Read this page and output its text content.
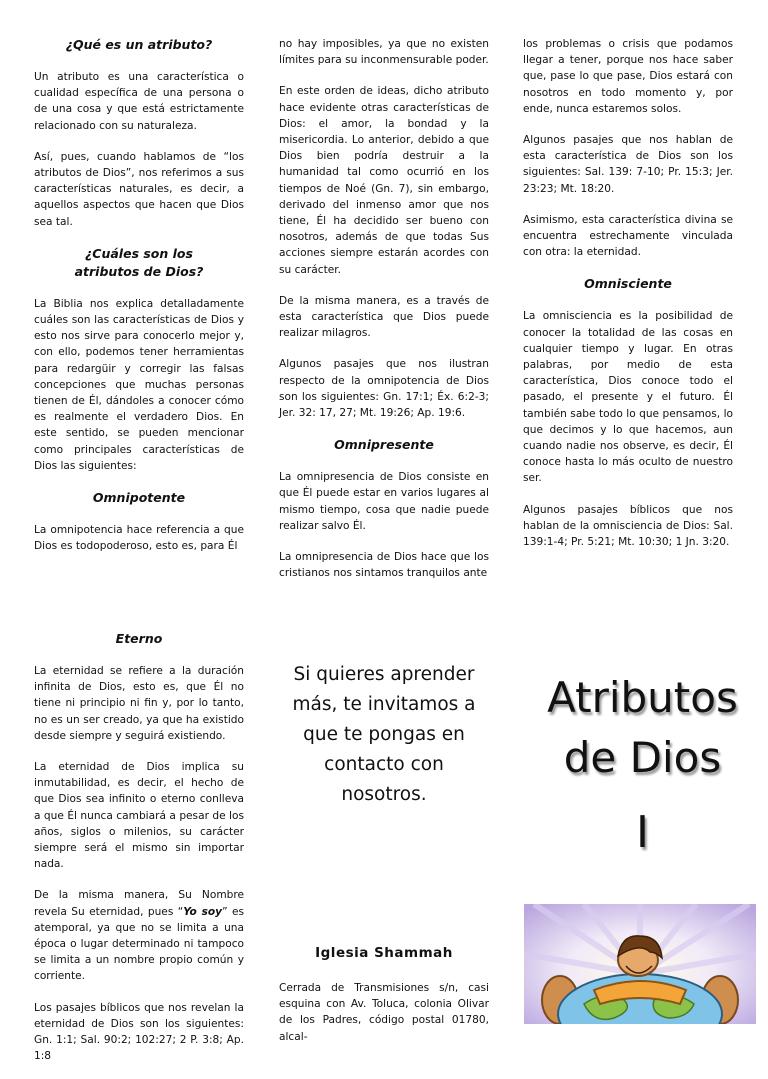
¿Qué es un atributo?

Un atributo es una característica o cualidad específica de una persona o de una cosa y que está estrictamente relacionado con su naturaleza.

Así, pues, cuando hablamos de “los atributos de Dios”, nos referimos a sus características naturales, es decir, a aquellos aspectos que hacen que Dios sea tal.

¿Cuáles son los atributos de Dios?

La Biblia nos explica detalladamente cuáles son las características de Dios y esto nos sirve para conocerlo mejor y, con ello, podemos tener herramientas para redargüir y corregir las falsas concepciones que muchas personas tienen de Él, dándoles a conocer cómo es realmente el verdadero Dios. En este sentido, se pueden mencionar como principales características de Dios las siguientes:

Omnipotente

La omnipotencia hace referencia a que Dios es todopoderoso, esto es, para Él

no hay imposibles, ya que no existen límites para su inconmensurable poder.

En este orden de ideas, dicho atributo hace evidente otras características de Dios: el amor, la bondad y la misericordia. Lo anterior, debido a que Dios bien podría destruir a la humanidad tal como ocurrió en los tiempos de Noé (Gn. 7), sin embargo, derivado del inmenso amor que nos tiene, Él ha decidido ser bueno con nosotros, además de que todas Sus acciones siempre estarán acordes con su carácter.

De la misma manera, es a través de esta característica que Dios puede realizar milagros.

Algunos pasajes que nos ilustran respecto de la omnipotencia de Dios son los siguientes: Gn. 17:1; Éx. 6:2-3; Jer. 32: 17, 27; Mt. 19:26; Ap. 19:6.

Omnipresente

La omnipresencia de Dios consiste en que Él puede estar en varios lugares al mismo tiempo, cosa que nadie puede realizar salvo Él.

La omnipresencia de Dios hace que los cristianos nos sintamos tranquilos ante

los problemas o crisis que podamos llegar a tener, porque nos hace saber que, pase lo que pase, Dios estará con nosotros en todo momento y, por ende, nunca estaremos solos.

Algunos pasajes que nos hablan de esta característica de Dios son los siguientes: Sal. 139: 7-10; Pr. 15:3; Jer. 23:23; Mt. 18:20.

Asimismo, esta característica divina se encuentra estrechamente vinculada con otra: la eternidad.

Omnisciente

La omnisciencia es la posibilidad de conocer la totalidad de las cosas en cualquier tiempo y lugar. En otras palabras, por medio de esta característica, Dios conoce todo el pasado, el presente y el futuro. Él también sabe todo lo que pensamos, lo que decimos y lo que hacemos, aun cuando nadie nos observe, es decir, Él conoce hasta lo más oculto de nuestro ser.

Algunos pasajes bíblicos que nos hablan de la omnisciencia de Dios: Sal. 139:1-4; Pr. 5:21; Mt. 10:30; 1 Jn. 3:20.

Eterno

La eternidad se refiere a la duración infinita de Dios, esto es, que Él no tiene ni principio ni fin y, por lo tanto, no es un ser creado, ya que ha existido desde siempre y seguirá existiendo.

La eternidad de Dios implica su inmutabilidad, es decir, el hecho de que Dios sea infinito o eterno conlleva a que Él nunca cambiará a pesar de los años, siglos o milenios, su carácter siempre será el mismo sin importar nada.

De la misma manera, Su Nombre revela Su eternidad, pues “Yo soy” es atemporal, ya que no se limita a una época o lugar determinado ni tampoco se limita a un nombre propio común y corriente.

Los pasajes bíblicos que nos revelan la eternidad de Dios son los siguientes: Gn. 1:1; Sal. 90:2; 102:27; 2 P. 3:8; Ap. 1:8

Si quieres aprender más, te invitamos a que te pongas en contacto con nosotros.
Iglesia Shammah
Cerrada de Transmisiones s/n, casi esquina con Av. Toluca, colonia Olivar de los Padres, código postal 01780, alcal-
Atributos
de Dios
I
